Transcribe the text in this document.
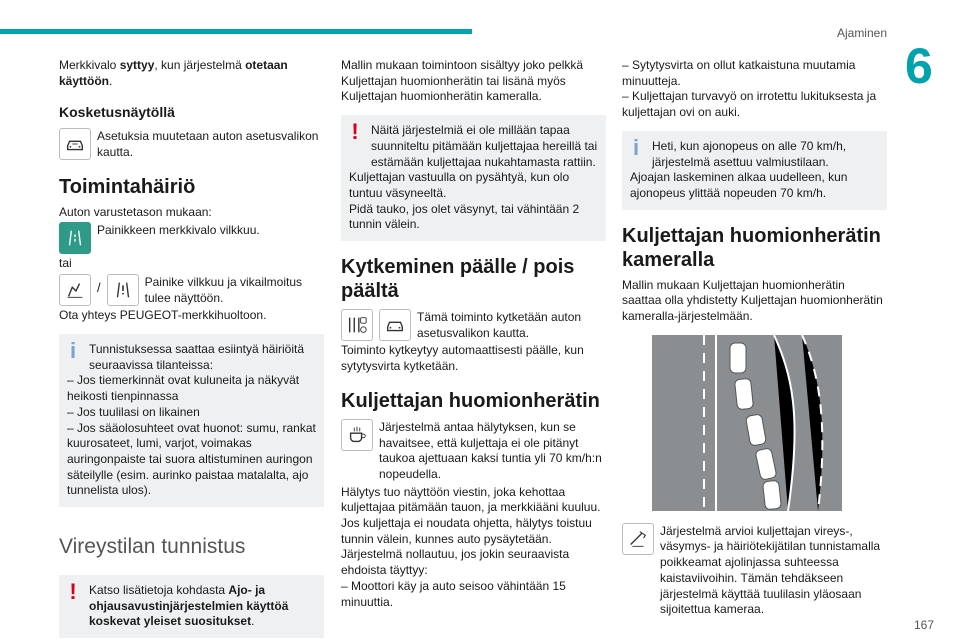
Ajaminen
6
167

Merkkivalo syttyy, kun järjestelmä otetaan käyttöön.

Kosketusnäytöllä
Asetuksia muutetaan auton asetusvalikon kautta.
Toimintahäiriö

Auton varustetason mukaan:

Painikkeen merkkivalo vilkkuu.

tai

/	Painike vilkkuu ja vikailmoitus tulee näyttöön.

Ota yhteys PEUGEOT-merkkihuoltoon.

i	Tunnistuksessa saattaa esiintyä häiriöitä seuraavissa tilanteissa:

– Jos tiemerkinnät ovat kuluneita ja näkyvät heikosti tienpinnassa

– Jos tuulilasi on likainen

– Jos sääolosuhteet ovat huonot: sumu, rankat kuurosateet, lumi, varjot, voimakas auringonpaiste tai suora altistuminen auringon säteilylle (esim. aurinko paistaa matalalta, ajo tunnelista ulos).

Vireystilan tunnistus
!	Katso lisätietoja kohdasta Ajo- ja ohjausavustinjärjestelmien käyttöä koskevat yleiset suositukset.

Mallin mukaan toimintoon sisältyy joko pelkkä Kuljettajan huomionherätin tai lisänä myös Kuljettajan huomionherätin kameralla.

!	Näitä järjestelmiä ei ole millään tapaa suunniteltu pitämään kuljettajaa hereillä tai estämään kuljettajaa nukahtamasta rattiin.

Kuljettajan vastuulla on pysähtyä, kun olo tuntuu väsyneeltä.

Pidä tauko, jos olet väsynyt, tai vähintään 2 tunnin välein.

Kytkeminen päälle / pois päältä
Tämä toiminto kytketään auton asetusvalikon kautta.

Toiminto kytkeytyy automaattisesti päälle, kun sytytysvirta kytketään.

Kuljettajan huomionherätin
Järjestelmä antaa hälytyksen, kun se havaitsee, että kuljettaja ei ole pitänyt taukoa ajettuaan kaksi tuntia yli 70 km/h:n nopeudella.

Hälytys tuo näyttöön viestin, joka kehottaa kuljettajaa pitämään tauon, ja merkkiääni kuuluu.

Jos kuljettaja ei noudata ohjetta, hälytys toistuu tunnin välein, kunnes auto pysäytetään.

Järjestelmä nollautuu, jos jokin seuraavista ehdoista täyttyy:

– Moottori käy ja auto seisoo vähintään 15 minuuttia.

– Sytytysvirta on ollut katkaistuna muutamia minuutteja.

– Kuljettajan turvavyö on irrotettu lukituksesta ja kuljettajan ovi on auki.

i	Heti, kun ajonopeus on alle 70 km/h, järjestelmä asettuu valmiustilaan.

Ajoajan laskeminen alkaa uudelleen, kun ajonopeus ylittää nopeuden 70 km/h.

Kuljettajan huomionherätin kameralla

Mallin mukaan Kuljettajan huomionherätin saattaa olla yhdistetty Kuljettajan huomionherätin kameralla-järjestelmään.

Järjestelmä arvioi kuljettajan vireys-, väsymys- ja häiriötekijätilan tunnistamalla poikkeamat ajolinjassa suhteessa kaistaviivoihin. Tämän tehdäkseen järjestelmä käyttää tuulilasin yläosaan sijoitettua kameraa.
